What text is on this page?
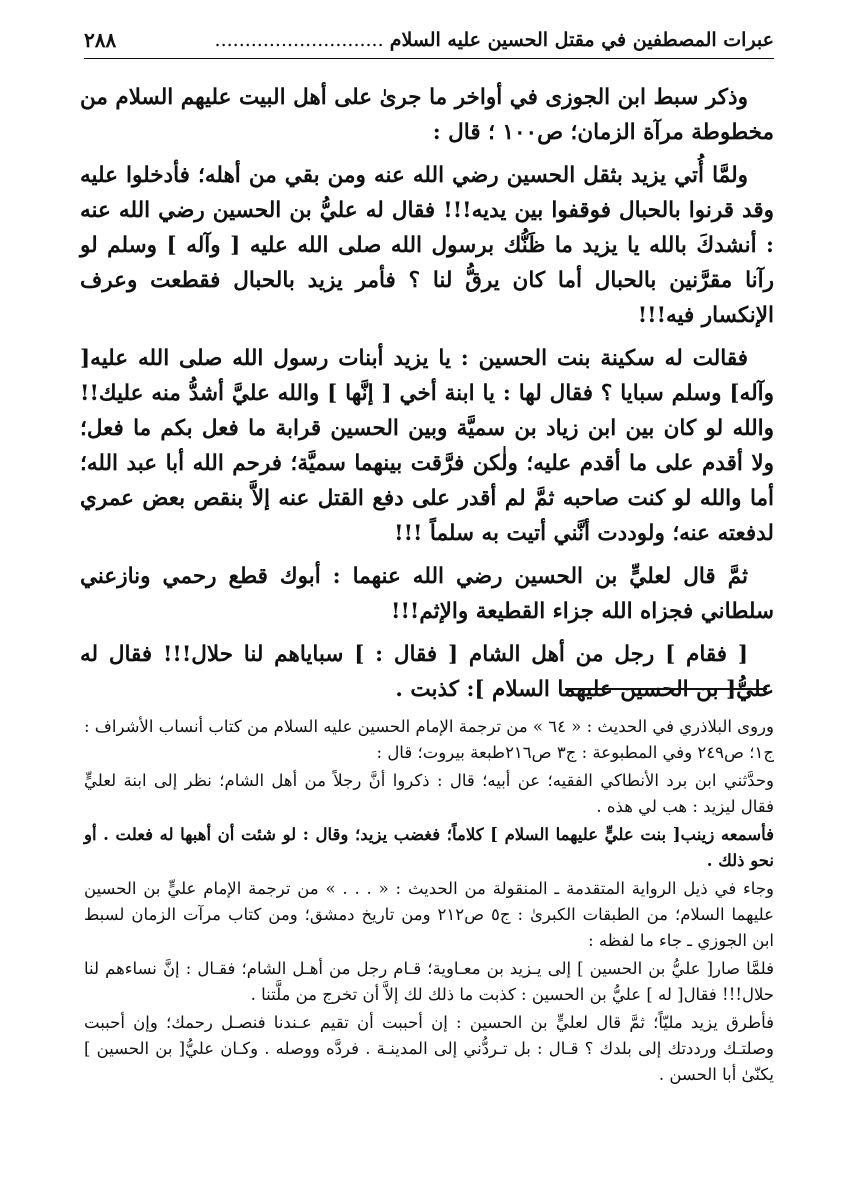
عبرات المصطفين في مقتل الحسين عليه السلام ............................
٢٨٨

وذكر سبط ابن الجوزى في أواخر ما جرىٰ على أهل البيت عليهم السلام من مخطوطة مرآة الزمان؛ ص١٠٠ ؛ قال :

ولمَّا أُتي يزيد بثقل الحسين رضي الله عنه ومن بقي من أهله؛ فأدخلوا عليه وقد قرنوا بالحبال فوقفوا بين يديه!!! فقال له عليُّ بن الحسين رضي الله عنه : أنشدكَ بالله يا يزيد ما ظَنُّك برسول الله صلى الله عليه [ وآله ] وسلم لو رآنا مقرَّنين بالحبال أما كان يرقُّ لنا ؟ فأمر يزيد بالحبال فقطعت وعرف الإنكسار فيه!!!

فقالت له سكينة بنت الحسين : يا يزيد أبنات رسول الله صلى الله عليه[ وآله] وسلم سبايا ؟ فقال لها : يا ابنة أخي [ إنَّها ] والله عليَّ أشدُّ منه عليك!! والله لو كان بين ابن زياد بن سميَّة وبين الحسين قرابة ما فعل بكم ما فعل؛ ولا أقدم على ما أقدم عليه؛ ولٰكن فرَّقت بينهما سميَّة؛ فرحم الله أبا عبد الله؛ أما والله لو كنت صاحبه ثمَّ لم أقدر على دفع القتل عنه إلاَّ بنقص بعض عمري لدفعته عنه؛ ولوددت أنَّني أتيت به سلماً !!!

ثمَّ قال لعليٍّ بن الحسين رضي الله عنهما : أبوك قطع رحمي ونازعني سلطاني فجزاه الله جزاء القطيعة والإثم!!!

[ فقام ] رجل من أهل الشام [ فقال : ] سباياهم لنا حلال!!! فقال له عليُّ[ بن الحسين عليهما السلام ]: كذبت .

وروى البلاذري في الحديث : « ٦٤ » من ترجمة الإمام الحسين عليه السلام من كتاب أنساب الأشراف : ج١؛ ص٢٤٩ وفي المطبوعة : ج٣ ص٢١٦طبعة بيروت؛ قال :

وحدَّثني ابن برد الأنطاكي الفقيه؛ عن أبيه؛ قال : ذكروا أنَّ رجلاً من أهل الشام؛ نظر إلى ابنة لعليٍّ فقال ليزيد : هب لي هذه .

فأسمعه زينب[ بنت عليٍّ عليهما السلام ] كلاماً؛ فغضب يزيد؛ وقال : لو شئت أن أهبها له فعلت . أو نحو ذلك .

وجاء في ذيل الرواية المتقدمة ـ المنقولة من الحديث : « . . . » من ترجمة الإمام عليٍّ بن الحسين عليهما السلام؛ من الطبقات الكبرىٰ : ج٥ ص٢١٢ ومن تاريخ دمشق؛ ومن كتاب مرآت الزمان لسبط ابن الجوزي ـ جاء ما لفظه :

فلمَّا صار[ عليُّ بن الحسين ] إلى يـزيد بن معـاوية؛ قـام رجل من أهـل الشام؛ فقـال : إنَّ نساءهم لنا حلال!!! فقال[ له ] عليُّ بن الحسين : كذبت ما ذلك لك إلاَّ أن تخرج من ملَّتنا .

فأطرق يزيد مليّاً؛ ثمَّ قال لعليٍّ بن الحسين : إن أحببت أن تقيم عـندنا فنصـل رحمك؛ وإن أحببت وصلتـك ورددتك إلى بلدك ؟ قـال : بل تـردُّني إلى المدينـة . فردَّه ووصله . وكـان عليُّ[ بن الحسين ] يكنّىٰ أبا الحسن .
